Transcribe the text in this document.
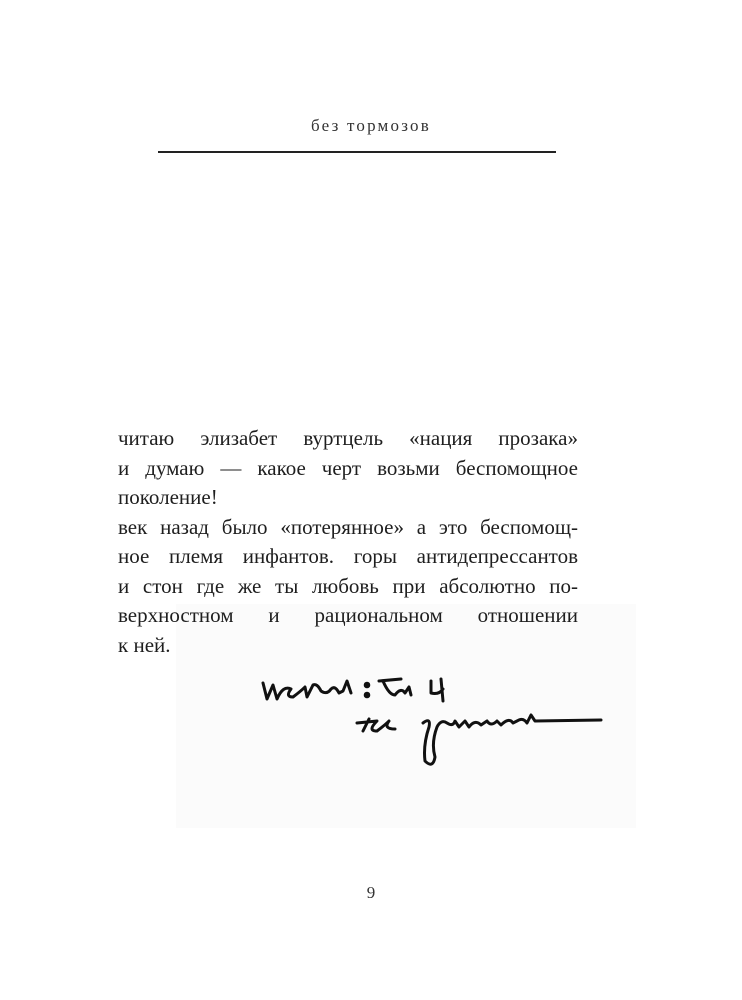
без тормозов
читаю элизабет вуртцель «нация прозака»
и думаю — какое черт возьми беспомощное
поколение!
век назад было «потерянное» а это беспомощ-
ное племя инфантов. горы антидепрессантов
и стон где же ты любовь при абсолютно по-
верхностном и рациональном отношении
к ней.
9
